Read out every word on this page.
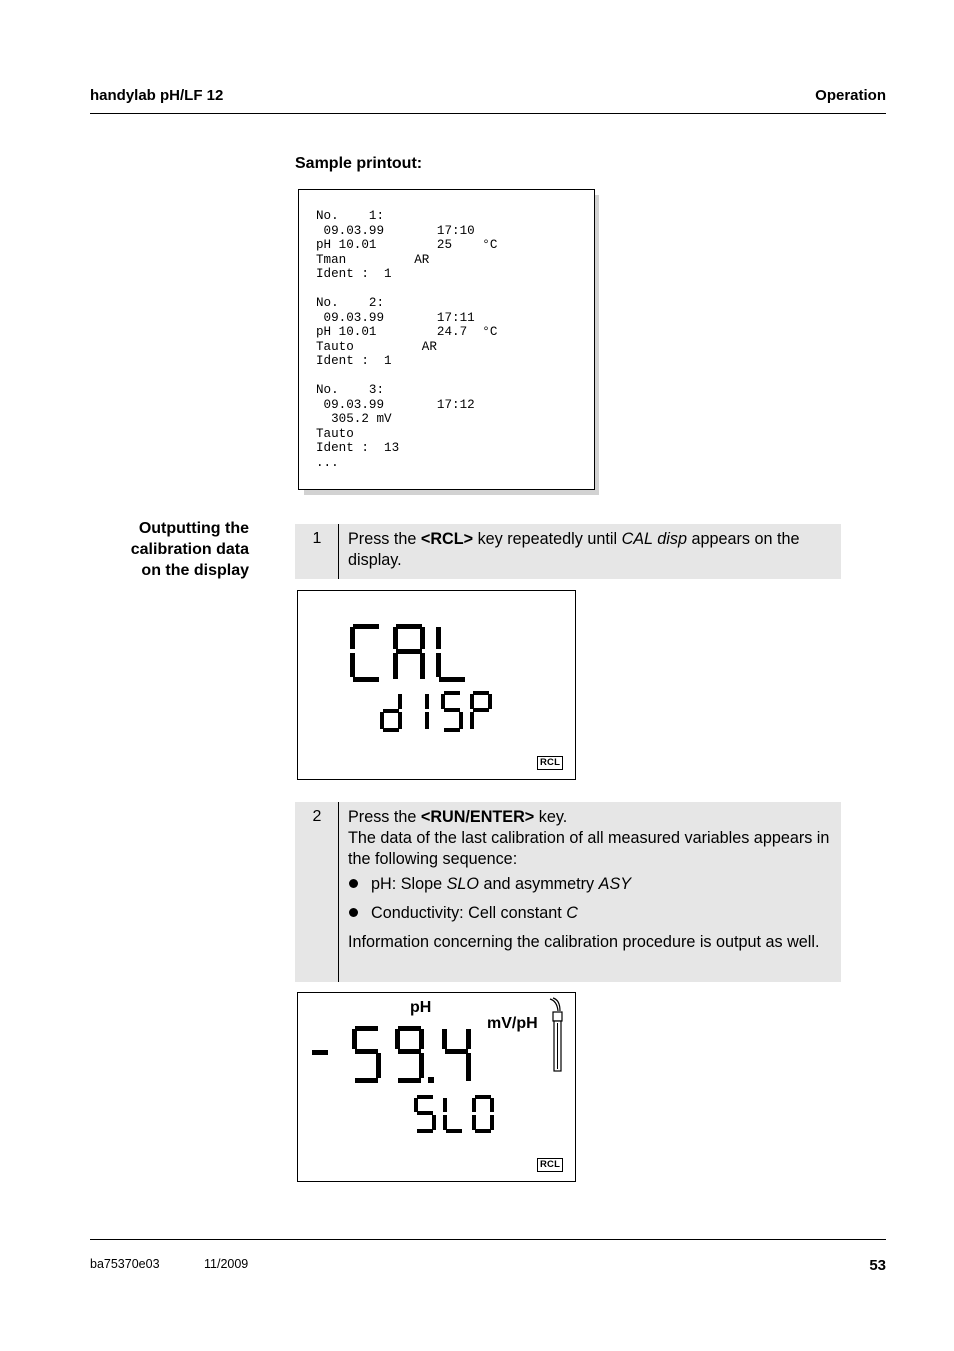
handylab pH/LF 12	Operation
Sample printout:
No.    1:
09.03.99       17:10
pH 10.01        25    °C
Tman         AR
Ident :  1

No.    2:
09.03.99       17:11
pH 10.01        24.7  °C
Tauto         AR
Ident :  1

No.    3:
09.03.99       17:12
305.2 mV
Tauto
Ident :  13
...
Outputting the
calibration data
on the display
1	Press the <RCL> key repeatedly until CAL disp appears on the display.
RCL
2	Press the <RUN/ENTER> key.
The data of the last calibration of all measured variables appears in the following sequence:
pH: Slope SLO and asymmetry ASY
Conductivity: Cell constant C
Information concerning the calibration procedure is output as well.
pH
mV/pH
RCL
ba75370e03	11/2009	53
